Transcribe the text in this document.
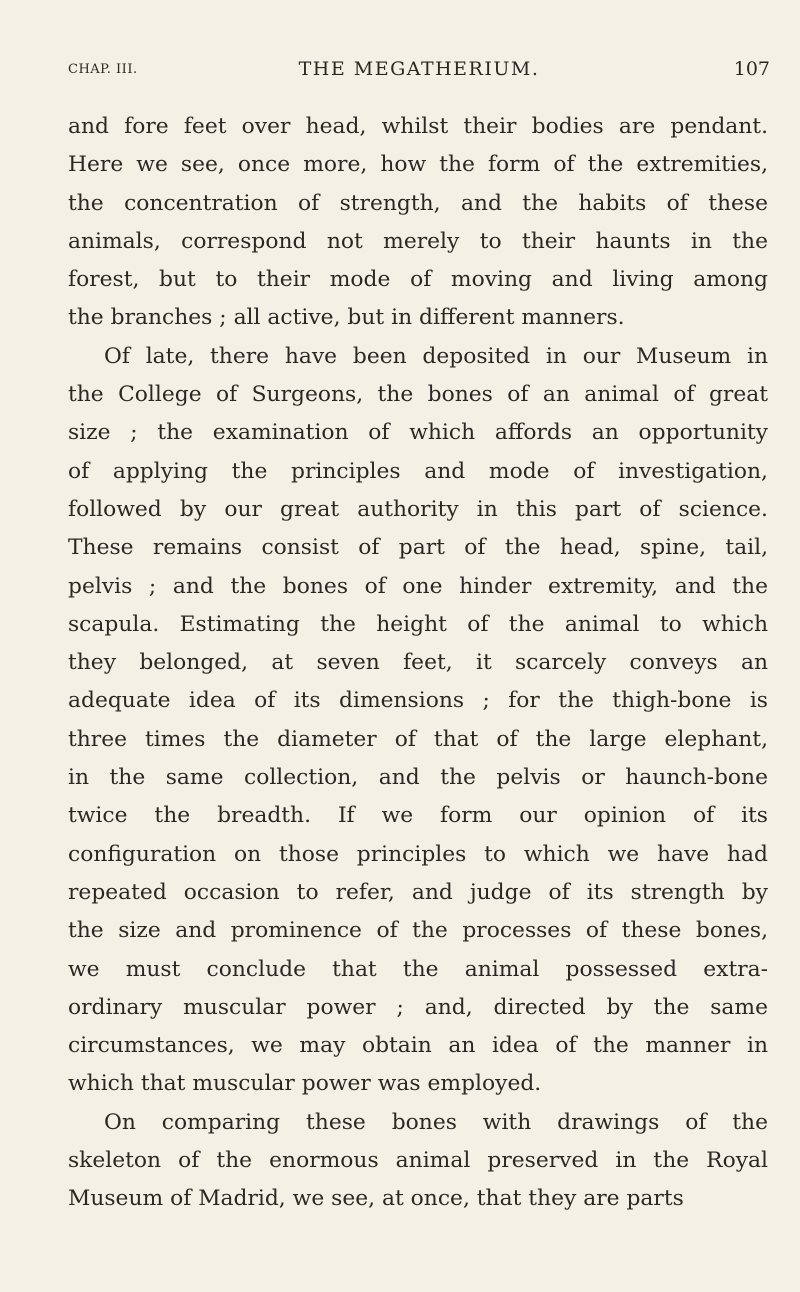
CHAP. III.	THE MEGATHERIUM.	107
and fore feet over head, whilst their bodies are pendant.
Here we see, once more, how the form of the extremities,
the concentration of strength, and the habits of these
animals, correspond not merely to their haunts in the
forest, but to their mode of moving and living among
the branches ; all active, but in different manners.
Of late, there have been deposited in our Museum in
the College of Surgeons, the bones of an animal of great
size ; the examination of which affords an opportunity
of applying the principles and mode of investigation,
followed by our great authority in this part of science.
These remains consist of part of the head, spine, tail,
pelvis ; and the bones of one hinder extremity, and the
scapula. Estimating the height of the animal to which
they belonged, at seven feet, it scarcely conveys an
adequate idea of its dimensions ; for the thigh-bone is
three times the diameter of that of the large elephant,
in the same collection, and the pelvis or haunch-bone
twice the breadth. If we form our opinion of its
configuration on those principles to which we have had
repeated occasion to refer, and judge of its strength by
the size and prominence of the processes of these bones,
we must conclude that the animal possessed extra-
ordinary muscular power ; and, directed by the same
circumstances, we may obtain an idea of the manner in
which that muscular power was employed.
On comparing these bones with drawings of the
skeleton of the enormous animal preserved in the Royal
Museum of Madrid, we see, at once, that they are parts
